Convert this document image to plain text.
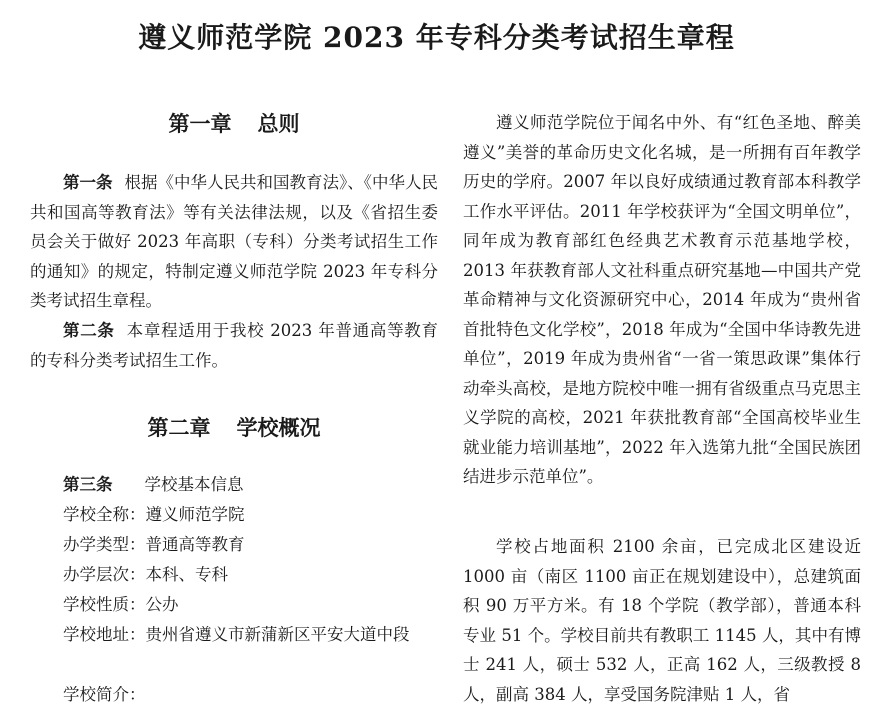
遵义师范学院 2023 年专科分类考试招生章程
第一章 总则

第一条 根据《中华人民共和国教育法》、《中华人民共和国高等教育法》等有关法律法规，以及《省招生委员会关于做好 2023 年高职（专科）分类考试招生工作的通知》的规定，特制定遵义师范学院 2023 年专科分类考试招生章程。

第二条 本章程适用于我校 2023 年普通高等教育的专科分类考试招生工作。

第二章 学校概况

第三条 学校基本信息

学校全称：遵义师范学院

办学类型：普通高等教育

办学层次：本科、专科

学校性质：公办

学校地址：贵州省遵义市新蒲新区平安大道中段

学校简介：

遵义师范学院位于闻名中外、有“红色圣地、醉美遵义”美誉的革命历史文化名城，是一所拥有百年教学历史的学府。2007 年以良好成绩通过教育部本科教学工作水平评估。2011 年学校获评为“全国文明单位”，同年成为教育部红色经典艺术教育示范基地学校，2013 年获教育部人文社科重点研究基地—中国共产党革命精神与文化资源研究中心，2014 年成为“贵州省首批特色文化学校”，2018 年成为“全国中华诗教先进单位”，2019 年成为贵州省“一省一策思政课”集体行动牵头高校，是地方院校中唯一拥有省级重点马克思主义学院的高校，2021 年获批教育部“全国高校毕业生就业能力培训基地”，2022 年入选第九批“全国民族团结进步示范单位”。

学校占地面积 2100 余亩，已完成北区建设近 1000 亩（南区 1100 亩正在规划建设中），总建筑面积 90 万平方米。有 18 个学院（教学部），普通本科专业 51 个。学校目前共有教职工 1145 人，其中有博士 241 人，硕士 532 人，正高 162 人，三级教授 8 人，副高 384 人，享受国务院津贴 1 人，省
